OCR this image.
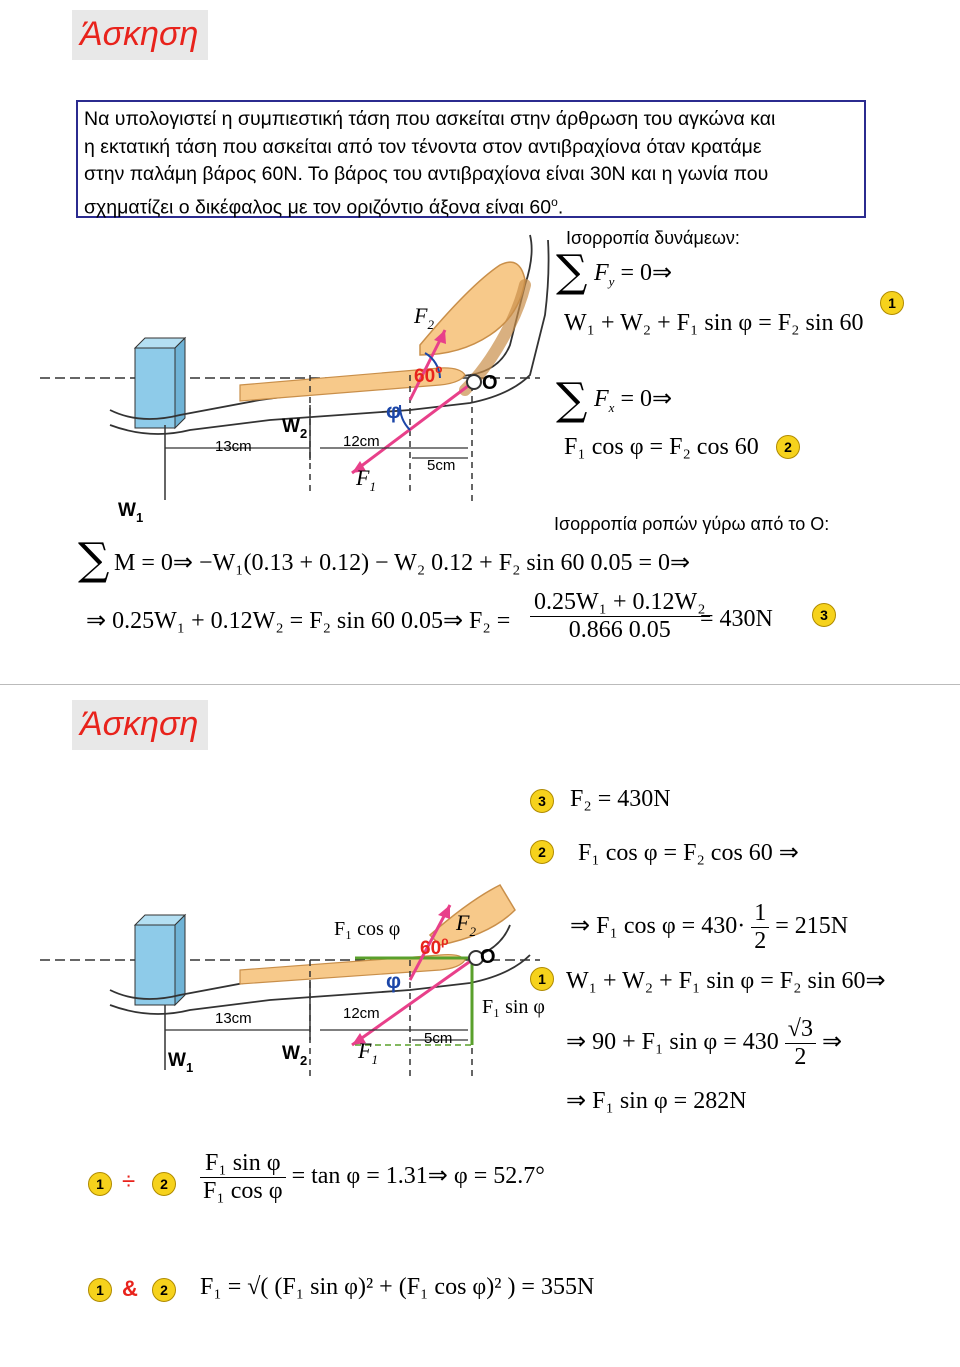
Άσκηση

Να υπολογιστεί η συμπιεστική τάση που ασκείται στην άρθρωση του αγκώνα και

η εκτατική τάση που ασκείται από τον τένοντα στον αντιβραχίονα όταν κρατάμε

στην παλάμη βάρος 60Ν. Το βάρος του αντιβραχίονα είναι 30Ν και η γωνία που

σχηματίζει ο δικέφαλος με τον οριζόντιο άξονα είναι $60^o$.

$F_2$
60$^o$
O
φ
$W_2$
13cm	12cm
5cm
$F_1$
$W_1$
Ισορροπία δυνάμεων:
∑ $F_y$ = 0⇒
W₁ + W₂ + F₁ sin φ = F₂ sin 60
1
∑ $F_x$ = 0⇒
F₁ cos φ = F₂ cos 60	2
Ισορροπία ροπών γύρω από το Ο:
∑ M = 0⇒ −W₁(0.13 + 0.12) − W₂ 0.12 + F₂ sin 60 0.05 = 0⇒
⇒ 0.25W₁ + 0.12W₂ = F₂ sin 60 0.05⇒ $F_2 = \frac{\text{0.25W₁ + 0.12W₂}}{0.866 0.05}$
= 430N	3
Άσκηση
F₁ cos φ	$F_2$
$60^\rho$
O
φ
F₁ sin φ
13cm	12cm
5cm
$F_1$
$W_2$
$W_1$
3	F₂ = 430N
2	F₁ cos φ = F₂ cos 60 ⇒
⇒ F₁ $\cos \varphi = 430\cdot \frac{1}{2} = 215N$
1 W₁ + W₂ + F₁ sin φ = F₂ sin 60⇒
⇒ 90 + F₁ $\sin \varphi = 430 \frac{√3}{2}$ ⇒
⇒ F₁ sin φ = 282N
1 ÷	2	$\frac{\text{F₁ sin φ}}{\text{F₁ cos φ}} = \tan \varphi$ = 1.31⇒ φ = 52.7°
1 &	2	F₁ = √( (F₁ sin φ)² + (F₁ cos φ)² ) = 355N
